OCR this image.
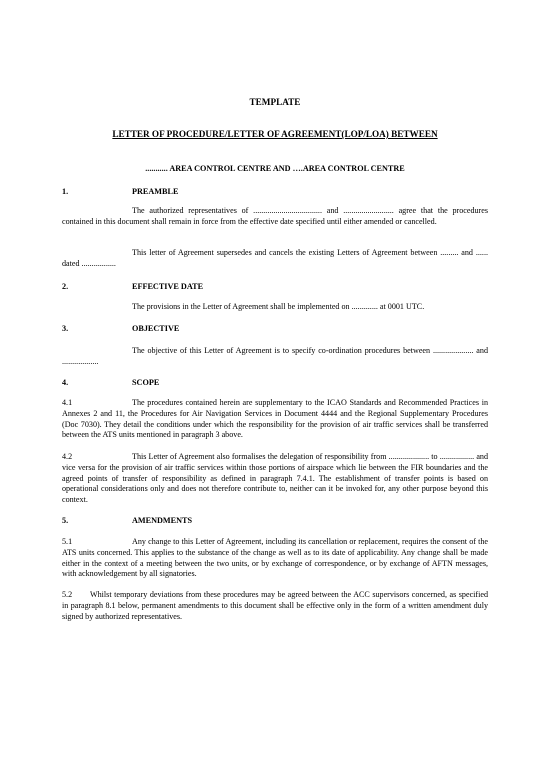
TEMPLATE
LETTER OF PROCEDURE/LETTER OF AGREEMENT(LOP/LOA) BETWEEN
........... AREA CONTROL CENTRE AND ….AREA CONTROL CENTRE
1.	PREAMBLE

The authorized representatives of .................................. and ......................... agree that the procedures contained in this document shall remain in force from the effective date specified until either amended or cancelled.

This letter of Agreement supersedes and cancels the existing Letters of Agreement between ......... and ...... dated .................

2.	EFFECTIVE DATE

The provisions in the Letter of Agreement shall be implemented on ............. at 0001 UTC.

3.	OBJECTIVE

The objective of this Letter of Agreement is to specify co-ordination procedures between .................... and ..................

4.	SCOPE

4.1	The procedures contained herein are supplementary to the ICAO Standards and Recommended Practices in Annexes 2 and 11, the Procedures for Air Navigation Services in Document 4444 and the Regional Supplementary Procedures (Doc 7030). They detail the conditions under which the responsibility for the provision of air traffic services shall be transferred between the ATS units mentioned in paragraph 3 above.

4.2	This Letter of Agreement also formalises the delegation of responsibility from .................... to ................. and vice versa for the provision of air traffic services within those portions of airspace which lie between the FIR boundaries and the agreed points of transfer of responsibility as defined in paragraph 7.4.1. The establishment of transfer points is based on operational considerations only and does not therefore contribute to, neither can it be invoked for, any other purpose beyond this context.

5.	AMENDMENTS

5.1	Any change to this Letter of Agreement, including its cancellation or replacement, requires the consent of the ATS units concerned. This applies to the substance of the change as well as to its date of applicability. Any change shall be made either in the context of a meeting between the two units, or by exchange of correspondence, or by exchange of AFTN messages, with acknowledgement by all signatories.

5.2 Whilst temporary deviations from these procedures may be agreed between the ACC supervisors concerned, as specified in paragraph 8.1 below, permanent amendments to this document shall be effective only in the form of a written amendment duly signed by authorized representatives.
